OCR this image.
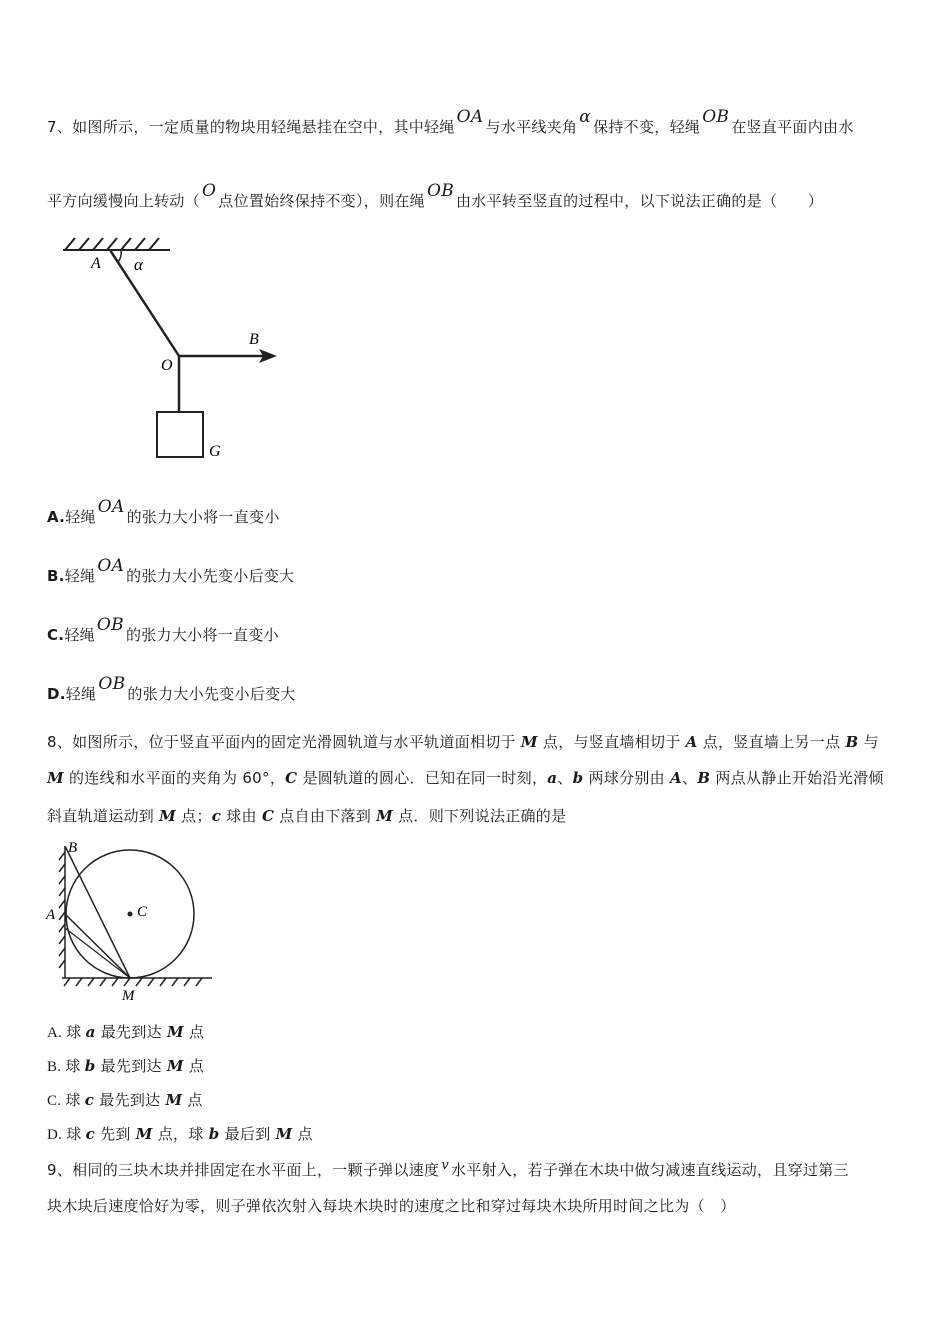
7、如图所示，一定质量的物块用轻绳悬挂在空中，其中轻绳 OA 与水平线夹角 α 保持不变，轻绳 OB 在竖直平面内由水
平方向缓慢向上转动（ O 点位置始终保持不变），则在绳 OB 由水平转至竖直的过程中，以下说法正确的是（　　）
A α
O
B
G
A.轻绳 OA 的张力大小将一直变小
B.轻绳 OA 的张力大小先变小后变大
C.轻绳 OB 的张力大小将一直变小
D.轻绳 OB 的张力大小先变小后变大
8、如图所示，位于竖直平面内的固定光滑圆轨道与水平轨道面相切于 M 点，与竖直墙相切于 A 点，竖直墙上另一点 B 与
M 的连线和水平面的夹角为 60°，C 是圆轨道的圆心．已知在同一时刻，a、b 两球分别由 A、B 两点从静止开始沿光滑倾
斜直轨道运动到 M 点；c 球由 C 点自由下落到 M 点．则下列说法正确的是
B
A	C
M
A. 球 a 最先到达 M 点
B. 球 b 最先到达 M 点
C. 球 c 最先到达 M 点
D. 球 c 先到 M 点，球 b 最后到 M 点
9、相同的三块木块并排固定在水平面上，一颗子弹以速度 v 水平射入，若子弹在木块中做匀减速直线运动，且穿过第三
块木块后速度恰好为零，则子弹依次射入每块木块时的速度之比和穿过每块木块所用时间之比为（　）
